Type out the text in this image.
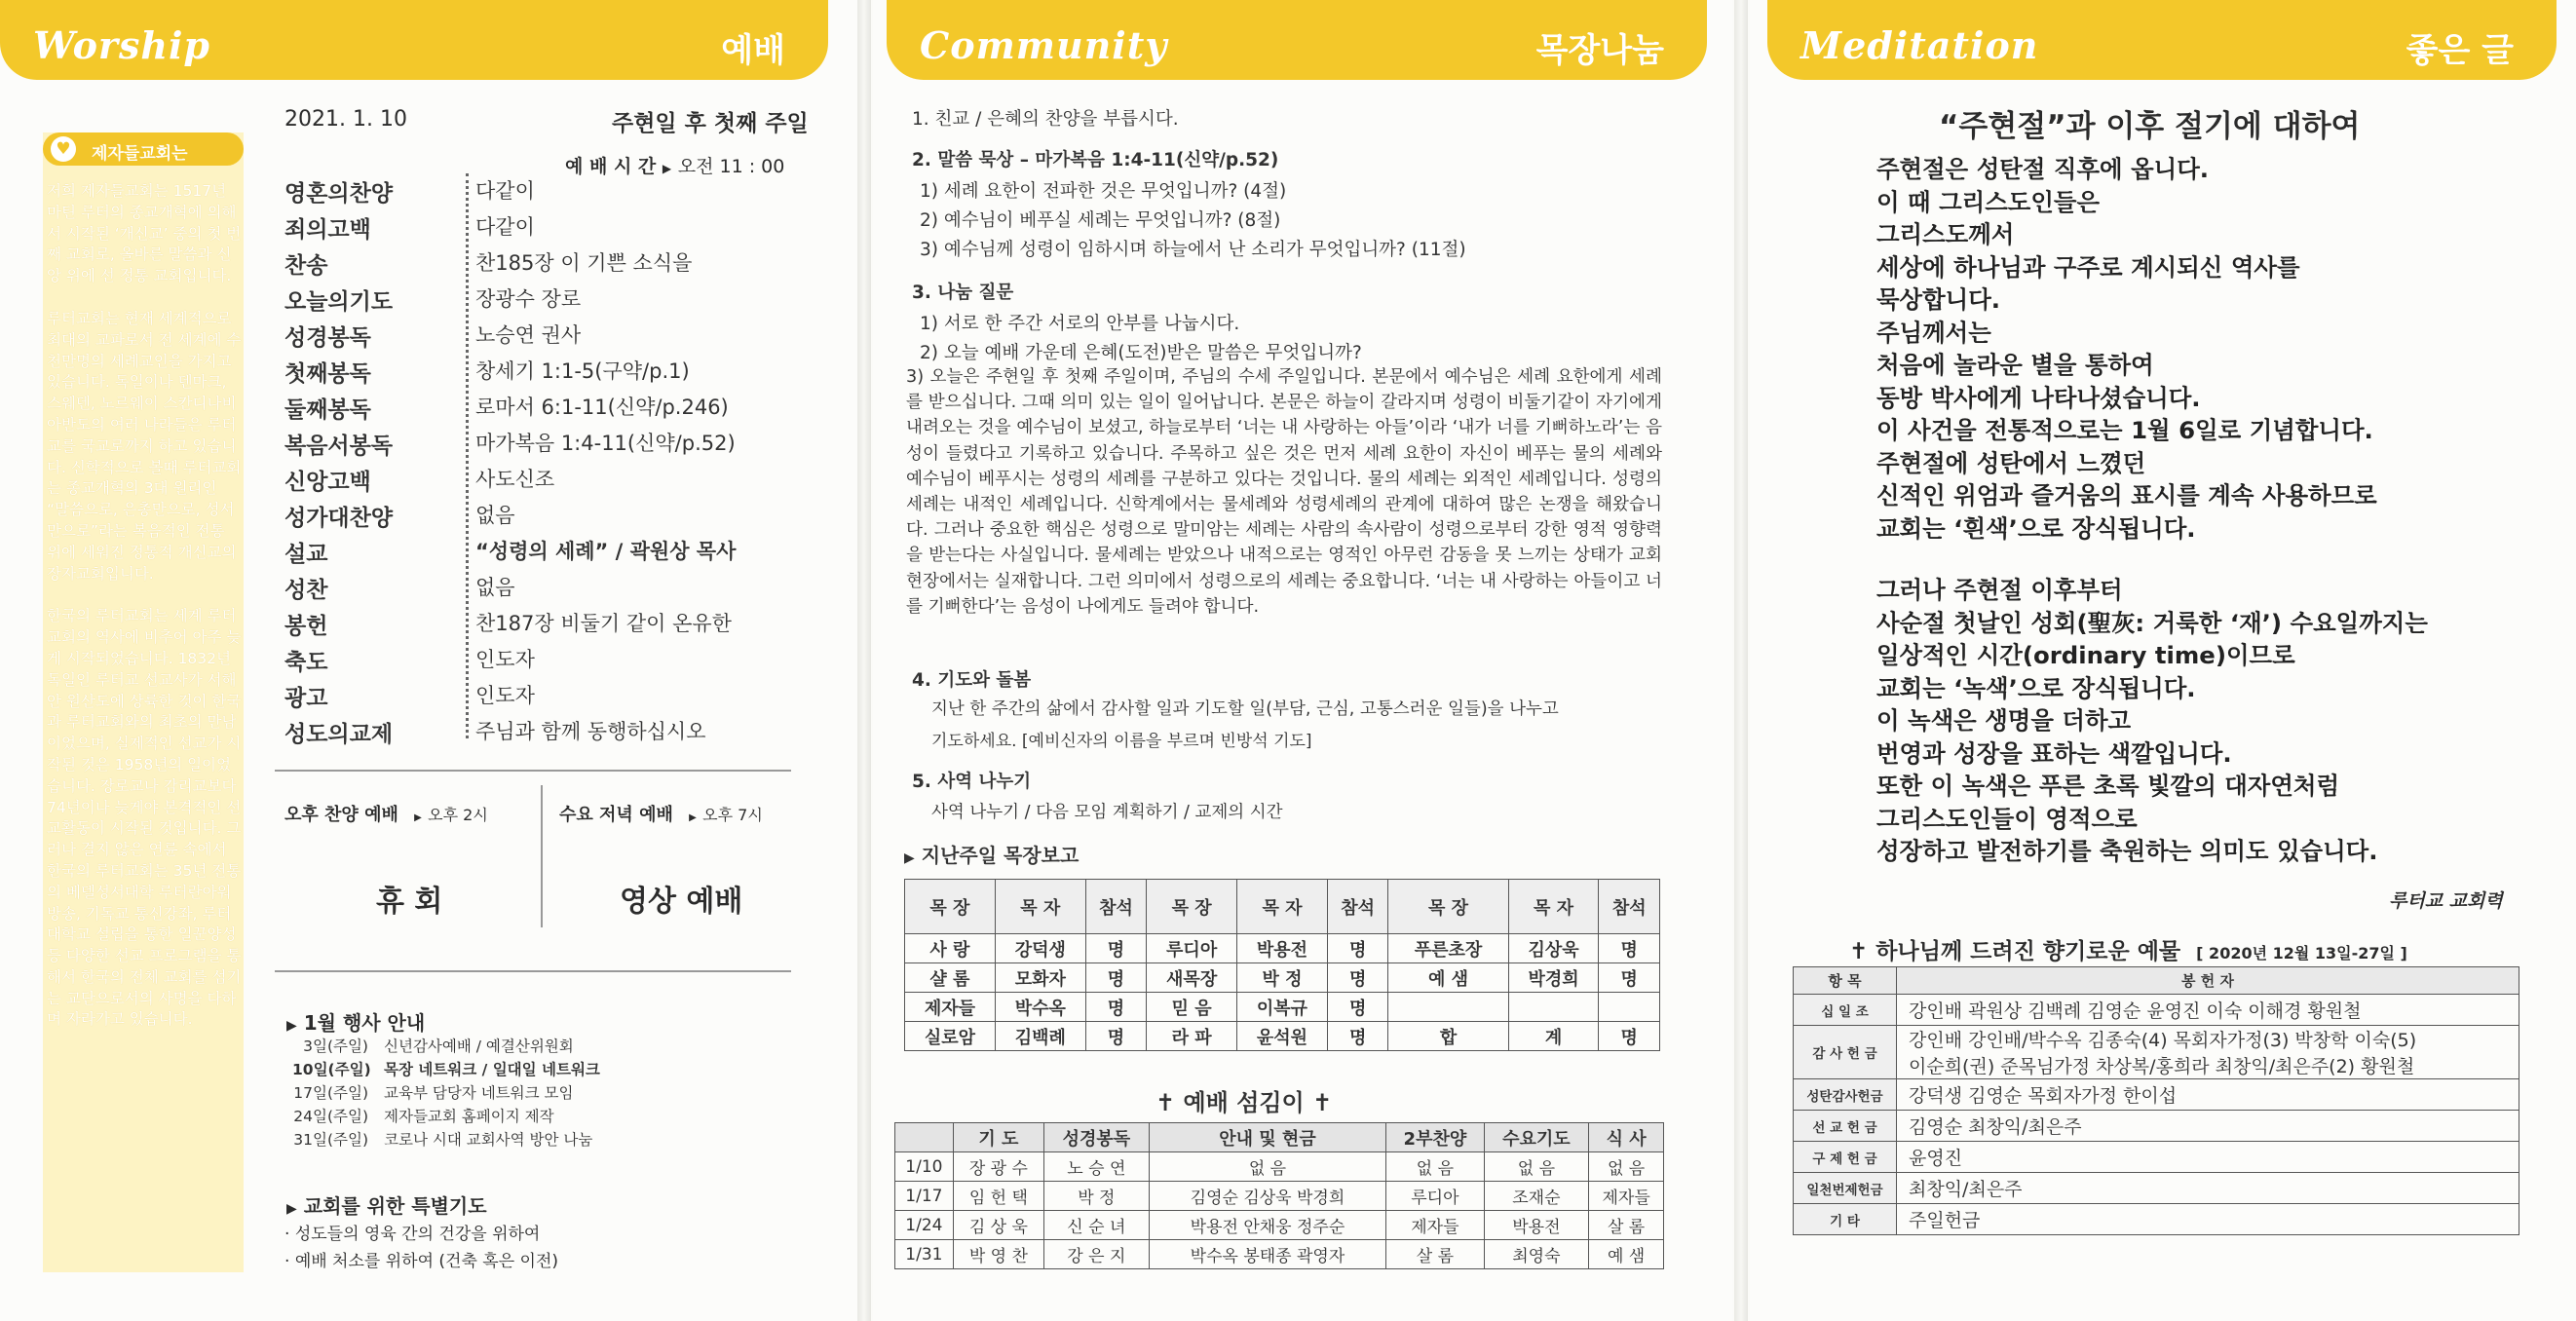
Worship	예배
♥	제자들교회는

저희 제자들교회는 1517년 마틴 루터의 종교개혁에 의해서 시작된 ‘개신교’ 중의 첫 번째 교회로, 올바른 말씀과 신앙 위에 선 정통 교회입니다.

루터교회는 현재 세계적으로 최대의 교파로서 전 세계에 수천만명의 세례교인을 가지고 있습니다. 독일이나 덴마크, 스웨덴, 노르웨이 스칸디나비아반도의 여러 나라들은 루터교를 국교로까지 하고 있습니다. 신학적으로 볼때 루터교회는 종교개혁의 3대 원리인 “말씀으로, 은총만으로, 성서만으로”라는 복음적인 전통 위에 세워진 정통적 개신교의 장자교회입니다.

한국의 루터교회는 세계 루터교회의 역사에 비추어 아주 늦게 시작되었습니다. 1832년 독일인 루터교 선교사가 서해안 원산도에 상륙한 것이 한국과 루터교회와의 최초의 만남이었으며, 실제적인 선교가 시작된 것은 1958년의 일이었습니다. 장로교나 감리교보다 74년이나 늦게야 본격적인 선교활동이 시작된 것입니다. 그러나 결지 않은 연륜 속에서 한국의 루터교회는 35년 전통의 베델성서대학 루터란아워 방송, 기독교 통신강좌, 루터대학교 설립을 통한 일꾼양성 등 다양한 선교 프로그램을 통해서 한국의 전체 교회를 섬기는 교단으로서의 사명을 다하며 자라가고 있습니다.

2021. 1. 10	주현일 후 첫째 주일
예 배 시 간 ▶ 오전 11 : 00
영혼의찬양	다같이
죄의고백	다같이
찬송	찬185장 이 기쁜 소식을
오늘의기도	장광수 장로
성경봉독	노승연 권사
첫째봉독	창세기 1:1-5(구약/p.1)
둘째봉독	로마서 6:1-11(신약/p.246)
복음서봉독	마가복음 1:4-11(신약/p.52)
신앙고백	사도신조
성가대찬양	없음
설교	“성령의 세례” / 곽원상 목사
성찬	없음
봉헌	찬187장 비둘기 같이 온유한
축도	인도자
광고	인도자
성도의교제	주님과 함께 동행하십시오
오후 찬양 예배 ▶ 오후 2시
휴 회
수요 저녁 예배 ▶ 오후 7시
영상 예배
▶ 1월 행사 안내
3일(주일) 신년감사예배 / 예결산위원회
10일(주일) 목장 네트워크 / 일대일 네트워크
17일(주일) 교육부 담당자 네트워크 모임
24일(주일) 제자들교회 홈페이지 제작
31일(주일) 코로나 시대 교회사역 방안 나눔
▶ 교회를 위한 특별기도
· 성도들의 영육 간의 건강을 위하여
· 예배 처소를 위하여 (건축 혹은 이전)
Community	목장나눔
1. 친교 / 은혜의 찬양을 부릅시다.
2. 말씀 묵상 – 마가복음 1:4-11(신약/p.52)
1) 세례 요한이 전파한 것은 무엇입니까? (4절)
2) 예수님이 베푸실 세례는 무엇입니까? (8절)
3) 예수님께 성령이 임하시며 하늘에서 난 소리가 무엇입니까? (11절)
3. 나눔 질문
1) 서로 한 주간 서로의 안부를 나눕시다.
2) 오늘 예배 가운데 은혜(도전)받은 말씀은 무엇입니까?
3) 오늘은 주현일 후 첫째 주일이며, 주님의 수세 주일입니다. 본문에서 예수님은 세례 요한에게 세례를 받으십니다. 그때 의미 있는 일이 일어납니다. 본문은 하늘이 갈라지며 성령이 비둘기같이 자기에게 내려오는 것을 예수님이 보셨고, 하늘로부터 ‘너는 내 사랑하는 아들’이라 ‘내가 너를 기뻐하노라’는 음성이 들렸다고 기록하고 있습니다. 주목하고 싶은 것은 먼저 세례 요한이 자신이 베푸는 물의 세례와 예수님이 베푸시는 성령의 세례를 구분하고 있다는 것입니다. 물의 세례는 외적인 세례입니다. 성령의 세례는 내적인 세례입니다. 신학계에서는 물세례와 성령세례의 관계에 대하여 많은 논쟁을 해왔습니다. 그러나 중요한 핵심은 성령으로 말미암는 세례는 사람의 속사람이 성령으로부터 강한 영적 영향력을 받는다는 사실입니다. 물세례는 받았으나 내적으로는 영적인 아무런 감동을 못 느끼는 상태가 교회 현장에서는 실재합니다. 그런 의미에서 성령으로의 세례는 중요합니다. ‘너는 내 사랑하는 아들이고 너를 기뻐한다’는 음성이 나에게도 들려야 합니다.
4. 기도와 돌봄
지난 한 주간의 삶에서 감사할 일과 기도할 일(부담, 근심, 고통스러운 일들)을 나누고
기도하세요. [예비신자의 이름을 부르며 빈방석 기도]
5. 사역 나누기
사역 나누기 / 다음 모임 계획하기 / 교제의 시간
▶ 지난주일 목장보고
목 장	목 자	참석	목 장	목 자	참석	목 장	목 자	참석
사 랑	강덕생	명	루디아	박용전	명	푸른초장	김상욱	명
샬 롬	모화자	명	새목장	박 정	명	예 샘	박경희	명
제자들	박수옥	명	믿 음	이복규	명			
실로암	김백례	명	라 파	윤석원	명	합	계	명
✝ 예배 섬김이 ✝
	기 도	성경봉독	안내 및 현금	2부찬양	수요기도	식 사
1/10	장 광 수	노 승 연	없 음	없 음	없 음	없 음
1/17	임 헌 택	박 정	김영순 김상욱 박경희	루디아	조재순	제자들
1/24	김 상 욱	신 순 녀	박용전 안채웅 정주순	제자들	박용전	살 롬
1/31	박 영 찬	강 은 지	박수옥 봉태종 곽영자	살 롬	최영숙	예 샘
Meditation	좋은 글
“주현절”과 이후 절기에 대하여
주현절은 성탄절 직후에 옵니다.
이 때 그리스도인들은
그리스도께서
세상에 하나님과 구주로 계시되신 역사를
묵상합니다.
주님께서는
처음에 놀라운 별을 통하여
동방 박사에게 나타나셨습니다.
이 사건을 전통적으로는 1월 6일로 기념합니다.
주현절에 성탄에서 느꼈던
신적인 위엄과 즐거움의 표시를 계속 사용하므로
교회는 ‘흰색’으로 장식됩니다.
그러나 주현절 이후부터
사순절 첫날인 성회(聖灰: 거룩한 ‘재’) 수요일까지는
일상적인 시간(ordinary time)이므로
교회는 ‘녹색’으로 장식됩니다.
이 녹색은 생명을 더하고
번영과 성장을 표하는 색깔입니다.
또한 이 녹색은 푸른 초록 빛깔의 대자연처럼
그리스도인들이 영적으로
성장하고 발전하기를 축원하는 의미도 있습니다.
루터교 교회력
✝ 하나님께 드려진 향기로운 예물 [ 2020년 12월 13일-27일 ]
항 목	봉 헌 자
십 일 조	강인배 곽원상 김백례 김영순 윤영진 이숙 이해경 황원철

감 사 헌 금	강인배 강인배/박수옥 김종숙(4) 목회자가정(3) 박창학 이숙(5)
이순희(권) 준목님가정 차상복/홍희라 최창익/최은주(2) 황원철

성탄감사헌금	강덕생 김영순 목회자가정 한이섭

선 교 헌 금	김영순 최창익/최은주

구 제 헌 금	윤영진

일천번제헌금	최창익/최은주

기 타	주일헌금
